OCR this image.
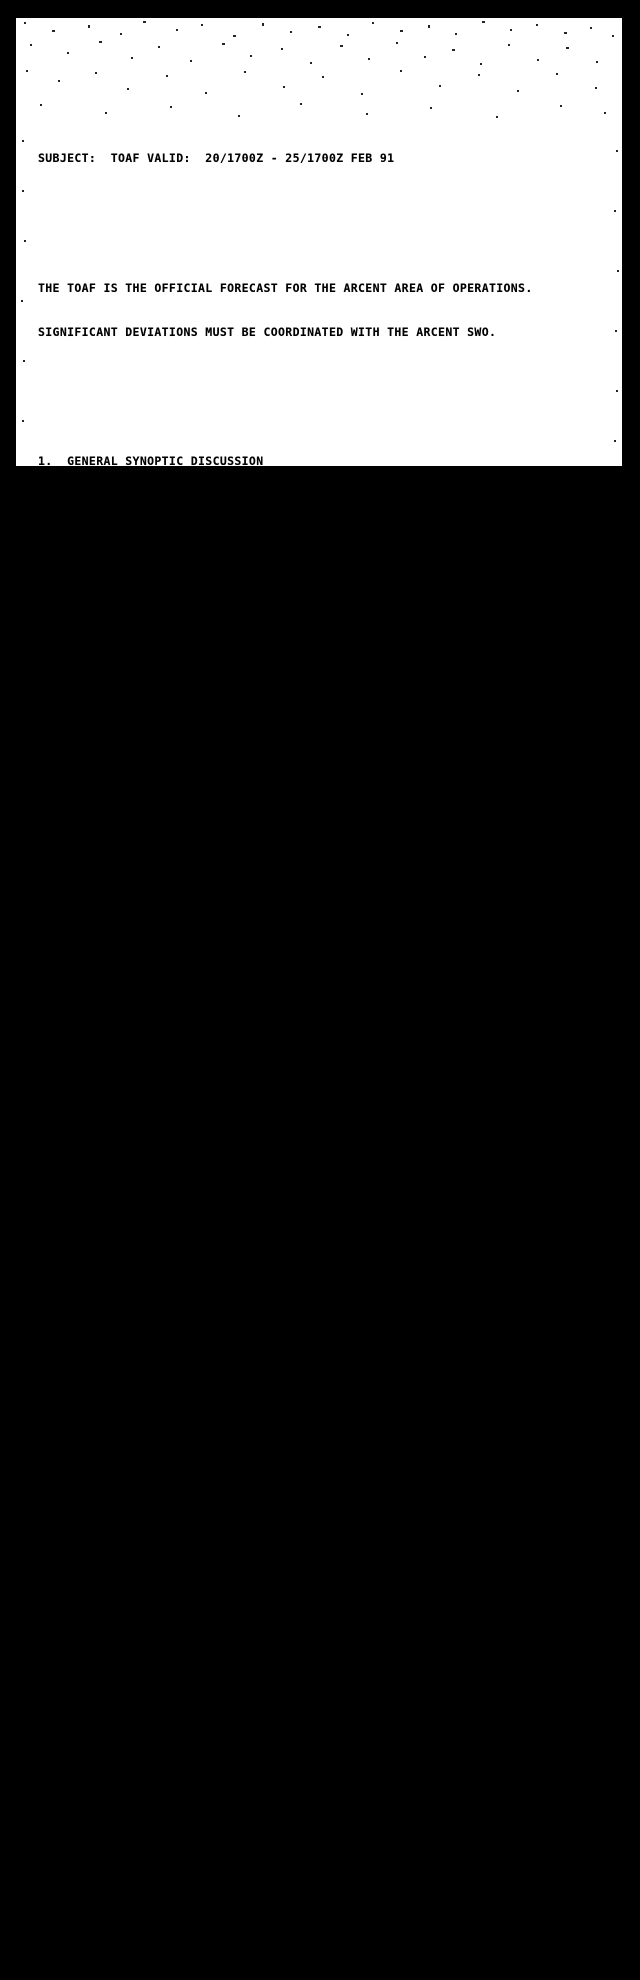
SUBJECT:  TOAF VALID:  20/1700Z - 25/1700Z FEB 91

THE TOAF IS THE OFFICIAL FORECAST FOR THE ARCENT AREA OF OPERATIONS.

SIGNIFICANT DEVIATIONS MUST BE COORDINATED WITH THE ARCENT SWO.

1.  GENERAL SYNOPTIC DISCUSSION

A.  CURRENT:  AN LAWC FOR 20/07Z INDICATED A SURFACE LOW LOCATED

APPROX 30N 43E.  A SURFACE TROF EXTENDED FROM THE LOW TO THE

SOUTHWEST AND WAS LOCATED APPROX 60NM WEST OF RIYADH.  THIS LOW AND

TROF IS TRACKING EASTWARD.  CURRENT OBS INDICATE THAT THE LOW IS

LOCATED TO THE NORTHEAST OF THE NEUTRAL ZONE, WITH THE SURFACE TROF

EXTENDING SOUTHWARD ACROSS THE KUWAIT/SAUDI/NEUTRAL ZONE BORDER

REGION.  STRONG CAPPING IS TAKING PLACE BEHIND THE TROF, SUF

SURFACE WINDS ARE STARTING TO GUST UP TO 20KTS IN SOME LOCATIONS.

MAIN CLOUD BAND HAS MOVED OUT OVER THE ARABIAN GULF AND INTO IRAN.

SOME MID CLOUDS LINGER ALONG THE COAST, INLAND AREAS ARE

PREDOMINATELY SCATTERED.  OVER NORTH AFRICA ANOTHER SHORT WAVE IS

CURRENTLY MOVING ALONG THE SUB TROPICAL JET.  THIS FEATURE IS

CURRENTLY OVER LIBYA AND IS ADVECTING MID/HIGH CLOUD CEILINGS INTO

WESTERN EGYPT.

B.  FORECAST:  SURFACE LOW WILL CONTINUE TO MOVE EASTWARD.  AS

IT DOES, SURFACE WINDS WILL SWING AROUND TO THE NORTHWEST.  WINDS

WILL PICK UP LATE THIS AFTERNOON, THEN DIE DOWN OVERNIGHT.  WINDS

ARE EXPECTED TO GUST TOMORROW, THEN DIE DOWN AGAIN ON DAY TWO.

STRONG DRYING IN THE LOWER LEVELS WILL TAKE PLACE OVERNIGHT.

TOMORROW SKIES WILL BE PREDOMINATELY SCATTERED, BUT WILL INCREASE ON

DAY TWO AS THE SHORT WAVE OVER LIBYA APPROACHES THE AO.  WITH

SURFACE CONVERGENCE, ASSOCIATED WITH THE SURFACE TROF, ALREADY EAST

OF THE AO, I DON'T EXPECT THUNDERSTORMS FOR THE AO.

2. AREA OF OPERATIONS FORECAST (THRU 48HRS)

A.  WESTERN AOR
